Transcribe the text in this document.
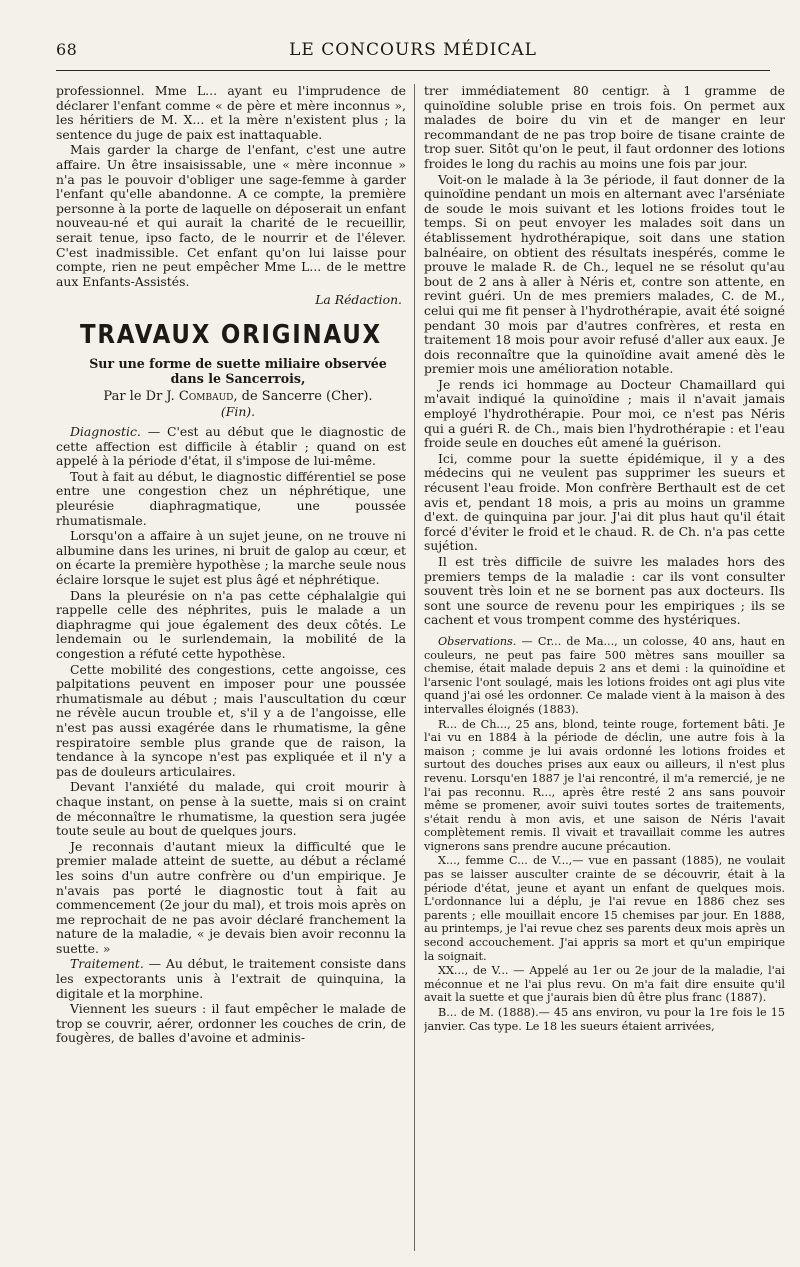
68	LE CONCOURS MÉDICAL

professionnel. Mme L... ayant eu l'imprudence de déclarer l'enfant comme « de père et mère inconnus », les héritiers de M. X... et la mère n'existent plus ; la sentence du juge de paix est inattaquable.

Mais garder la charge de l'enfant, c'est une autre affaire. Un être insaisissable, une « mère inconnue » n'a pas le pouvoir d'obliger une sage-femme à garder l'enfant qu'elle abandonne. A ce compte, la première personne à la porte de laquelle on déposerait un enfant nouveau-né et qui aurait la charité de le recueillir, serait tenue, ipso facto, de le nourrir et de l'élever. C'est inadmissible. Cet enfant qu'on lui laisse pour compte, rien ne peut empêcher Mme L... de le mettre aux Enfants-Assistés.

La Rédaction.

TRAVAUX ORIGINAUX

Sur une forme de suette miliaire observée

dans le Sancerrois,

Par le Dr J. Combaud, de Sancerre (Cher).

(Fin).

Diagnostic. — C'est au début que le diagnostic de cette affection est difficile à établir ; quand on est appelé à la période d'état, il s'impose de lui-même.

Tout à fait au début, le diagnostic différentiel se pose entre une congestion chez un néphrétique, une pleurésie diaphragmatique, une poussée rhumatismale.

Lorsqu'on a affaire à un sujet jeune, on ne trouve ni albumine dans les urines, ni bruit de galop au cœur, et on écarte la première hypothèse ; la marche seule nous éclaire lorsque le sujet est plus âgé et néphrétique.

Dans la pleurésie on n'a pas cette céphalalgie qui rappelle celle des néphrites, puis le malade a un diaphragme qui joue également des deux côtés. Le lendemain ou le surlendemain, la mobilité de la congestion a réfuté cette hypothèse.

Cette mobilité des congestions, cette angoisse, ces palpitations peuvent en imposer pour une poussée rhumatismale au début ; mais l'auscultation du cœur ne révèle aucun trouble et, s'il y a de l'angoisse, elle n'est pas aussi exagérée dans le rhumatisme, la gêne respiratoire semble plus grande que de raison, la tendance à la syncope n'est pas expliquée et il n'y a pas de douleurs articulaires.

Devant l'anxiété du malade, qui croit mourir à chaque instant, on pense à la suette, mais si on craint de méconnaître le rhumatisme, la question sera jugée toute seule au bout de quelques jours.

Je reconnais d'autant mieux la difficulté que le premier malade atteint de suette, au début a réclamé les soins d'un autre confrère ou d'un empirique. Je n'avais pas porté le diagnostic tout à fait au commencement (2e jour du mal), et trois mois après on me reprochait de ne pas avoir déclaré franchement la nature de la maladie, « je devais bien avoir reconnu la suette. »

Traitement. — Au début, le traitement consiste dans les expectorants unis à l'extrait de quinquina, la digitale et la morphine.

Viennent les sueurs : il faut empêcher le malade de trop se couvrir, aérer, ordonner les couches de crin, de fougères, de balles d'avoine et adminis-

trer immédiatement 80 centigr. à 1 gramme de quinoïdine soluble prise en trois fois. On permet aux malades de boire du vin et de manger en leur recommandant de ne pas trop boire de tisane crainte de trop suer. Sitôt qu'on le peut, il faut ordonner des lotions froides le long du rachis au moins une fois par jour.

Voit-on le malade à la 3e période, il faut donner de la quinoïdine pendant un mois en alternant avec l'arséniate de soude le mois suivant et les lotions froides tout le temps. Si on peut envoyer les malades soit dans un établissement hydrothérapique, soit dans une station balnéaire, on obtient des résultats inespérés, comme le prouve le malade R. de Ch., lequel ne se résolut qu'au bout de 2 ans à aller à Néris et, contre son attente, en revint guéri. Un de mes premiers malades, C. de M., celui qui me fit penser à l'hydrothérapie, avait été soigné pendant 30 mois par d'autres confrères, et resta en traitement 18 mois pour avoir refusé d'aller aux eaux. Je dois reconnaître que la quinoïdine avait amené dès le premier mois une amélioration notable.

Je rends ici hommage au Docteur Chamaillard qui m'avait indiqué la quinoïdine ; mais il n'avait jamais employé l'hydrothérapie. Pour moi, ce n'est pas Néris qui a guéri R. de Ch., mais bien l'hydrothérapie : et l'eau froide seule en douches eût amené la guérison.

Ici, comme pour la suette épidémique, il y a des médecins qui ne veulent pas supprimer les sueurs et récusent l'eau froide. Mon confrère Berthault est de cet avis et, pendant 18 mois, a pris au moins un gramme d'ext. de quinquina par jour. J'ai dit plus haut qu'il était forcé d'éviter le froid et le chaud. R. de Ch. n'a pas cette sujétion.

Il est très difficile de suivre les malades hors des premiers temps de la maladie : car ils vont consulter souvent très loin et ne se bornent pas aux docteurs. Ils sont une source de revenu pour les empiriques ; ils se cachent et vous trompent comme des hystériques.

Observations. — Cr... de Ma..., un colosse, 40 ans, haut en couleurs, ne peut pas faire 500 mètres sans mouiller sa chemise, était malade depuis 2 ans et demi : la quinoïdine et l'arsenic l'ont soulagé, mais les lotions froides ont agi plus vite quand j'ai osé les ordonner. Ce malade vient à la maison à des intervalles éloignés (1883).

R... de Ch..., 25 ans, blond, teinte rouge, fortement bâti. Je l'ai vu en 1884 à la période de déclin, une autre fois à la maison ; comme je lui avais ordonné les lotions froides et surtout des douches prises aux eaux ou ailleurs, il n'est plus revenu. Lorsqu'en 1887 je l'ai rencontré, il m'a remercié, je ne l'ai pas reconnu. R..., après être resté 2 ans sans pouvoir même se promener, avoir suivi toutes sortes de traitements, s'était rendu à mon avis, et une saison de Néris l'avait complètement remis. Il vivait et travaillait comme les autres vignerons sans prendre aucune précaution.

X..., femme C... de V...,— vue en passant (1885), ne voulait pas se laisser ausculter crainte de se découvrir, était à la période d'état, jeune et ayant un enfant de quelques mois. L'ordonnance lui a déplu, je l'ai revue en 1886 chez ses parents ; elle mouillait encore 15 chemises par jour. En 1888, au printemps, je l'ai revue chez ses parents deux mois après un second accouchement. J'ai appris sa mort et qu'un empirique la soignait.

XX..., de V... — Appelé au 1er ou 2e jour de la maladie, l'ai méconnue et ne l'ai plus revu. On m'a fait dire ensuite qu'il avait la suette et que j'aurais bien dû être plus franc (1887).

B... de M. (1888).— 45 ans environ, vu pour la 1re fois le 15 janvier. Cas type. Le 18 les sueurs étaient arrivées,
